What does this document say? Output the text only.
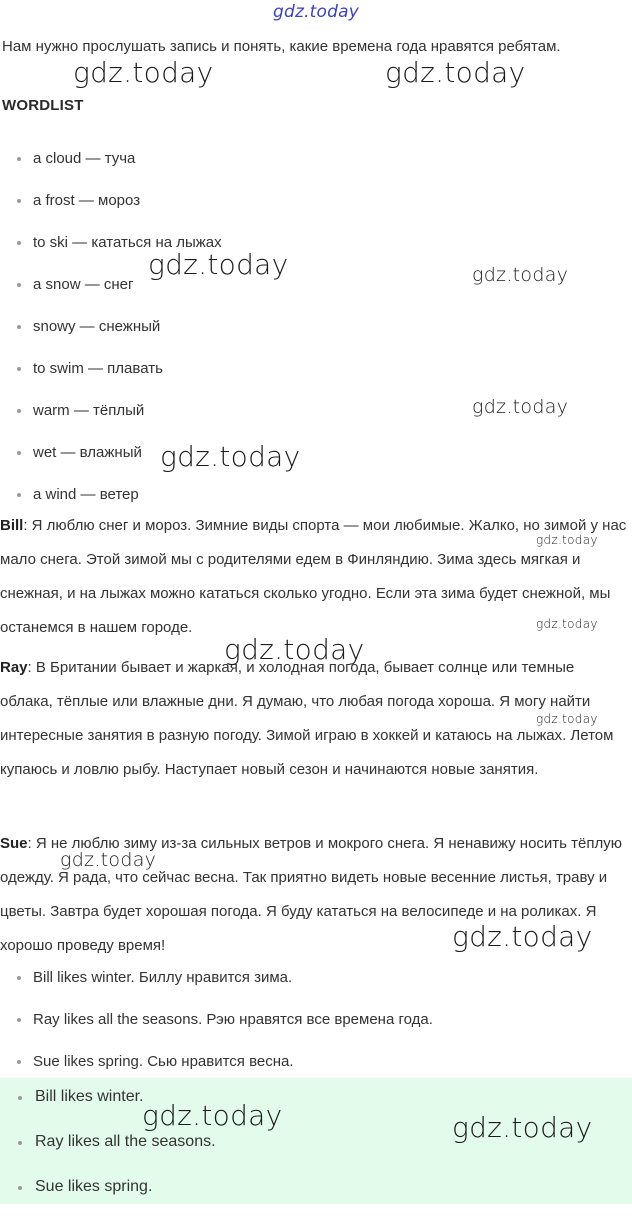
gdz.today
Нам нужно прослушать запись и понять, какие времена года нравятся ребятам.
WORDLIST
a cloud — туча
a frost — мороз
to ski — кататься на лыжах
a snow — снег
snowy — снежный
to swim — плавать
warm — тёплый
wet — влажный
a wind — ветер

Bill: Я люблю снег и мороз. Зимние виды спорта — мои любимые. Жалко, но зимой у нас мало снега. Этой зимой мы с родителями едем в Финляндию. Зима здесь мягкая и снежная, и на лыжах можно кататься сколько угодно. Если эта зима будет снежной, мы останемся в нашем городе.

Ray: В Британии бывает и жаркая, и холодная погода, бывает солнце или темные облака, тёплые или влажные дни. Я думаю, что любая погода хороша. Я могу найти интересные занятия в разную погоду. Зимой играю в хоккей и катаюсь на лыжах. Летом купаюсь и ловлю рыбу. Наступает новый сезон и начинаются новые занятия.

Sue: Я не люблю зиму из-за сильных ветров и мокрого снега. Я ненавижу носить тёплую одежду. Я рада, что сейчас весна. Так приятно видеть новые весенние листья, траву и цветы. Завтра будет хорошая погода. Я буду кататься на велосипеде и на роликах. Я хорошо проведу время!

Bill likes winter. Биллу нравится зима.
Ray likes all the seasons. Рэю нравятся все времена года.
Sue likes spring. Сью нравится весна.
Bill likes winter.
Ray likes all the seasons.
Sue likes spring.
gdz.today	gdz.today
gdz.today	gdz.today
gdz.today
gdz.today
gdz.today
gdz.today
gdz.today
gdz.today
gdz.today
gdz.today
gdz.today	gdz.today
